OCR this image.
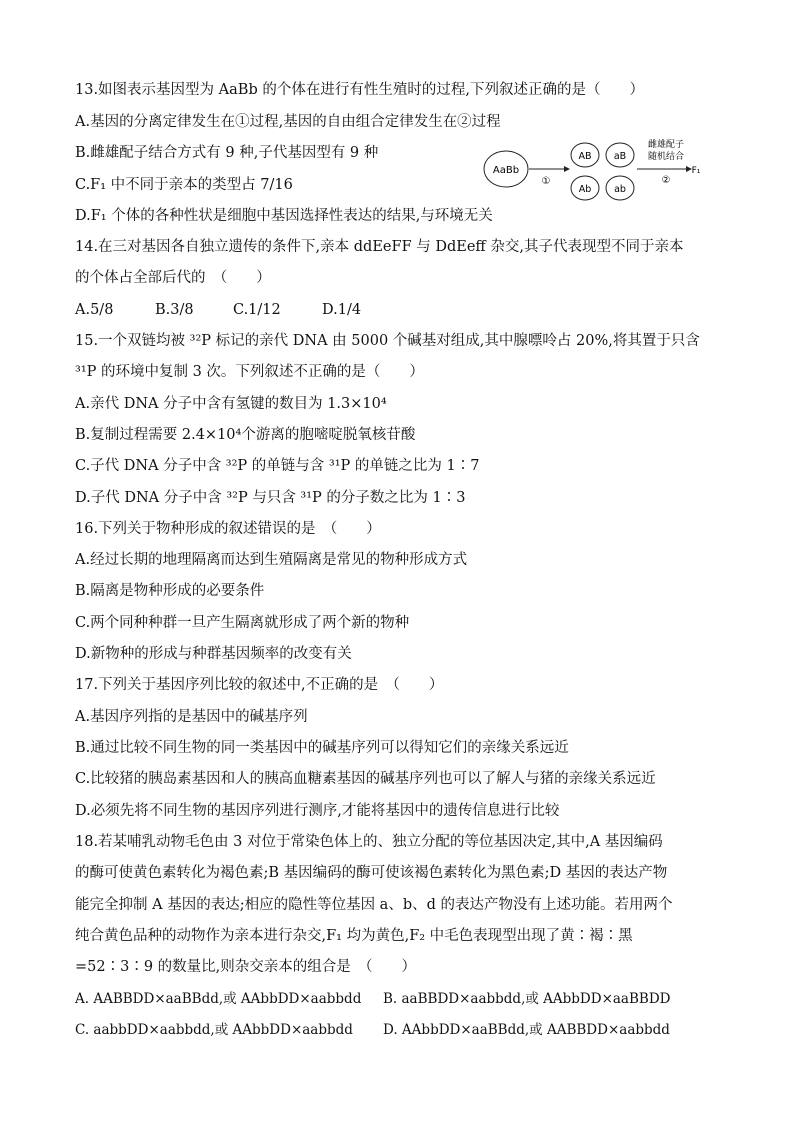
13.如图表示基因型为 AaBb 的个体在进行有性生殖时的过程,下列叙述正确的是（　　）
A.基因的分离定律发生在①过程,基因的自由组合定律发生在②过程
B.雌雄配子结合方式有 9 种,子代基因型有 9 种
C.F₁ 中不同于亲本的类型占 7/16
D.F₁ 个体的各种性状是细胞中基因选择性表达的结果,与环境无关
AaBb
①
AB aB
Ab ab
雌雄配子
随机结合
②
F₁
14.在三对基因各自独立遗传的条件下,亲本 ddEeFF 与 DdEeff 杂交,其子代表现型不同于亲本
的个体占全部后代的　（　　）
A.5/8	B.3/8	C.1/12	D.1/4
15.一个双链均被 ³²P 标记的亲代 DNA 由 5000 个碱基对组成,其中腺嘌呤占 20%,将其置于只含
³¹P 的环境中复制 3 次。下列叙述不正确的是（　　）
A.亲代 DNA 分子中含有氢键的数目为 1.3×10⁴
B.复制过程需要 2.4×10⁴个游离的胞嘧啶脱氧核苷酸
C.子代 DNA 分子中含 ³²P 的单链与含 ³¹P 的单链之比为 1∶7
D.子代 DNA 分子中含 ³²P 与只含 ³¹P 的分子数之比为 1∶3
16.下列关于物种形成的叙述错误的是　（　　）
A.经过长期的地理隔离而达到生殖隔离是常见的物种形成方式
B.隔离是物种形成的必要条件
C.两个同种种群一旦产生隔离就形成了两个新的物种
D.新物种的形成与种群基因频率的改变有关
17.下列关于基因序列比较的叙述中,不正确的是　（　　）
A.基因序列指的是基因中的碱基序列
B.通过比较不同生物的同一类基因中的碱基序列可以得知它们的亲缘关系远近
C.比较猪的胰岛素基因和人的胰高血糖素基因的碱基序列也可以了解人与猪的亲缘关系远近
D.必须先将不同生物的基因序列进行测序,才能将基因中的遗传信息进行比较
18.若某哺乳动物毛色由 3 对位于常染色体上的、独立分配的等位基因决定,其中,A 基因编码
的酶可使黄色素转化为褐色素;B 基因编码的酶可使该褐色素转化为黑色素;D 基因的表达产物
能完全抑制 A 基因的表达;相应的隐性等位基因 a、b、d 的表达产物没有上述功能。若用两个
纯合黄色品种的动物作为亲本进行杂交,F₁ 均为黄色,F₂ 中毛色表现型出现了黄∶褐∶黑
=52∶3∶9 的数量比,则杂交亲本的组合是　（　　）
A. AABBDD×aaBBdd,或 AAbbDD×aabbdd B. aaBBDD×aabbdd,或 AAbbDD×aaBBDD
C. aabbDD×aabbdd,或 AAbbDD×aabbdd D. AAbbDD×aaBBdd,或 AABBDD×aabbdd
